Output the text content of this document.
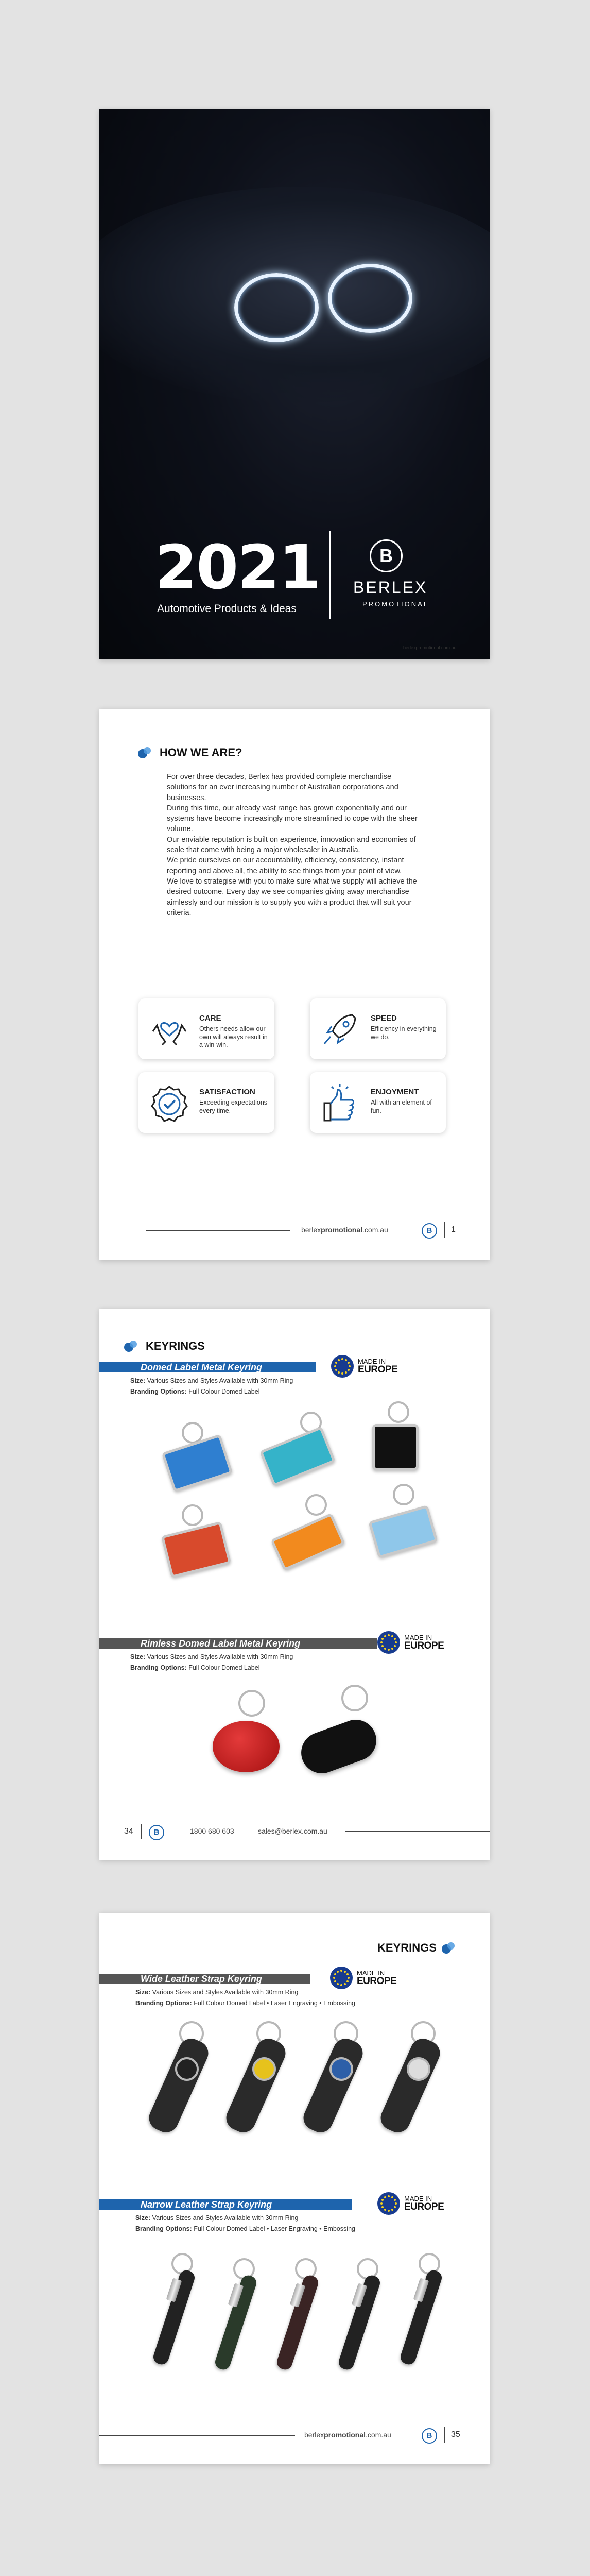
2021
Automotive Products & Ideas
B
BERLEX
PROMOTIONAL
berlexpromotional.com.au
HOW WE ARE?

For over three decades, Berlex has provided complete merchandise solutions for an ever increasing number of Australian corporations and businesses.

During this time, our already vast range has grown exponentially and our systems have become increasingly more streamlined to cope with the sheer volume.

Our enviable reputation is built on experience, innovation and economies of scale that come with being a major wholesaler in Australia.

We pride ourselves on our accountability, efficiency, consistency, instant reporting and above all, the ability to see things from your point of view.

We love to strategise with you to make sure what we supply will achieve the desired outcome. Every day we see companies giving away merchandise aimlessly and our mission is to supply you with a product that will suit your criteria.

CARE
Others needs allow our own will always result in a win-win.
SPEED
Efficiency in everything we do.
SATISFACTION
Exceeding expectations every time.
ENJOYMENT
All with an element of fun.
berlexpromotional.com.au	B	1
KEYRINGS
Domed Label Metal Keyring
MADE IN
EUROPE
Size: Various Sizes and Styles Available with 30mm Ring
Branding Options: Full Colour Domed Label
Rimless Domed Label Metal Keyring
MADE IN
EUROPE
Size: Various Sizes and Styles Available with 30mm Ring
Branding Options: Full Colour Domed Label
34	B	1800 680 603	sales@berlex.com.au
KEYRINGS
Wide Leather Strap Keyring
MADE IN
EUROPE
Size: Various Sizes and Styles Available with 30mm Ring
Branding Options: Full Colour Domed Label • Laser Engraving • Embossing
Narrow Leather Strap Keyring
MADE IN
EUROPE
Size: Various Sizes and Styles Available with 30mm Ring
Branding Options: Full Colour Domed Label • Laser Engraving • Embossing
berlexpromotional.com.au	B	35
